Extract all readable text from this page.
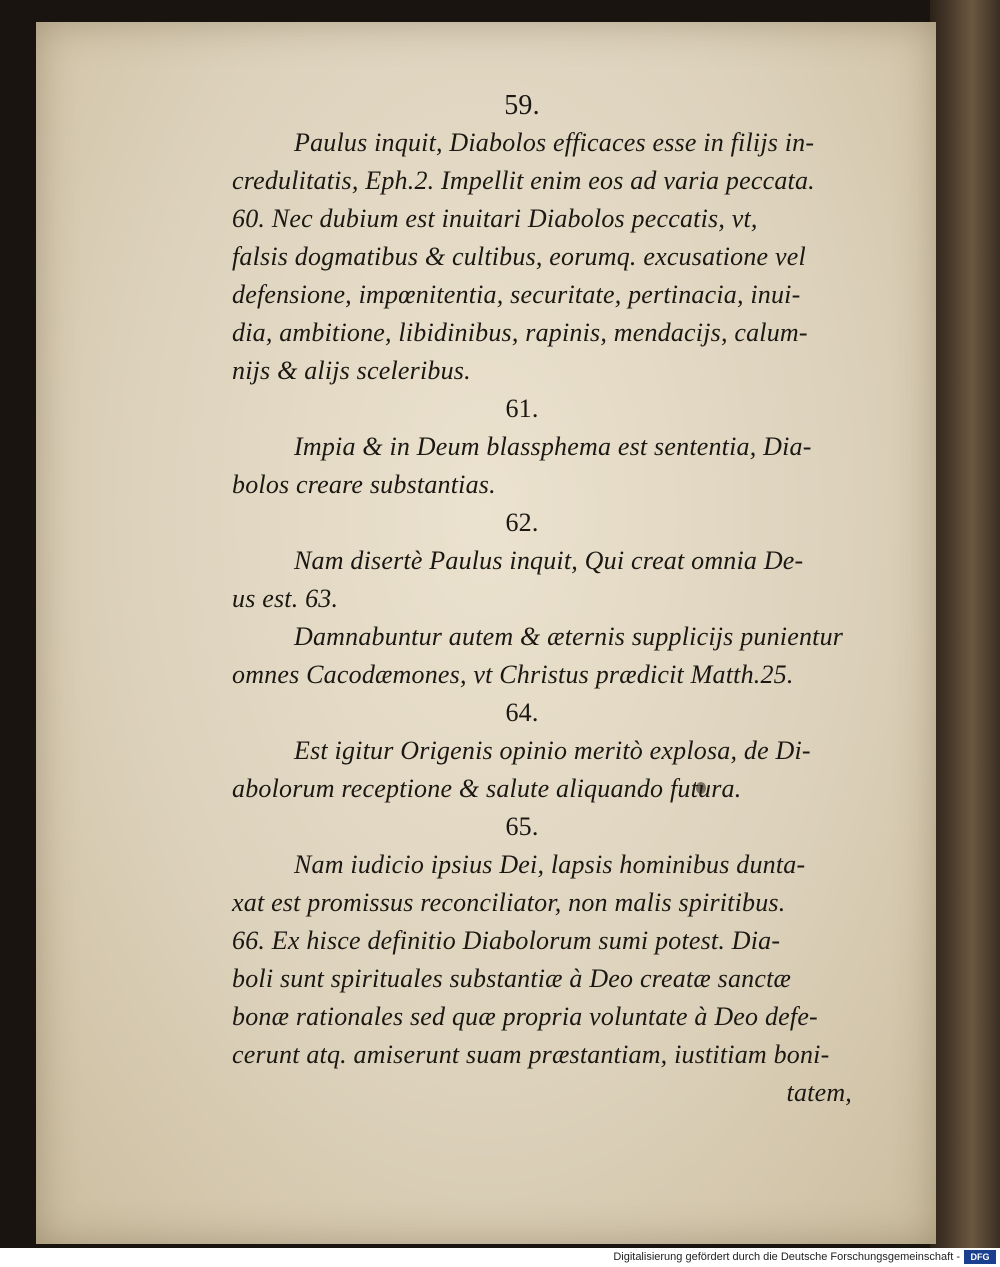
59.
Paulus inquit, Diabolos efficaces esse in filijs in-
credulitatis, Eph.2. Impellit enim eos ad varia peccata.
60. Nec dubium est inuitari Diabolos peccatis, vt,
falsis dogmatibus & cultibus, eorumq. excusatione vel
defensione, impœnitentia, securitate, pertinacia, inui-
dia, ambitione, libidinibus, rapinis, mendacijs, calum-
nijs & alijs sceleribus.
61.
Impia & in Deum blassphema est sententia, Dia-
bolos creare substantias.
62.
Nam disertè Paulus inquit, Qui creat omnia De-
us est. 63.
Damnabuntur autem & æternis supplicijs punientur
omnes Cacodæmones, vt Christus prædicit Matth.25.
64.
Est igitur Origenis opinio meritò explosa, de Di-
abolorum receptione & salute aliquando futura.
65.
Nam iudicio ipsius Dei, lapsis hominibus dunta-
xat est promissus reconciliator, non malis spiritibus.
66. Ex hisce definitio Diabolorum sumi potest. Dia-
boli sunt spirituales substantiæ à Deo creatæ sanctæ
bonæ rationales sed quæ propria voluntate à Deo defe-
cerunt atq. amiserunt suam præstantiam, iustitiam boni-
tatem,
Digitalisierung gefördert durch die Deutsche Forschungsgemeinschaft -	DFG
